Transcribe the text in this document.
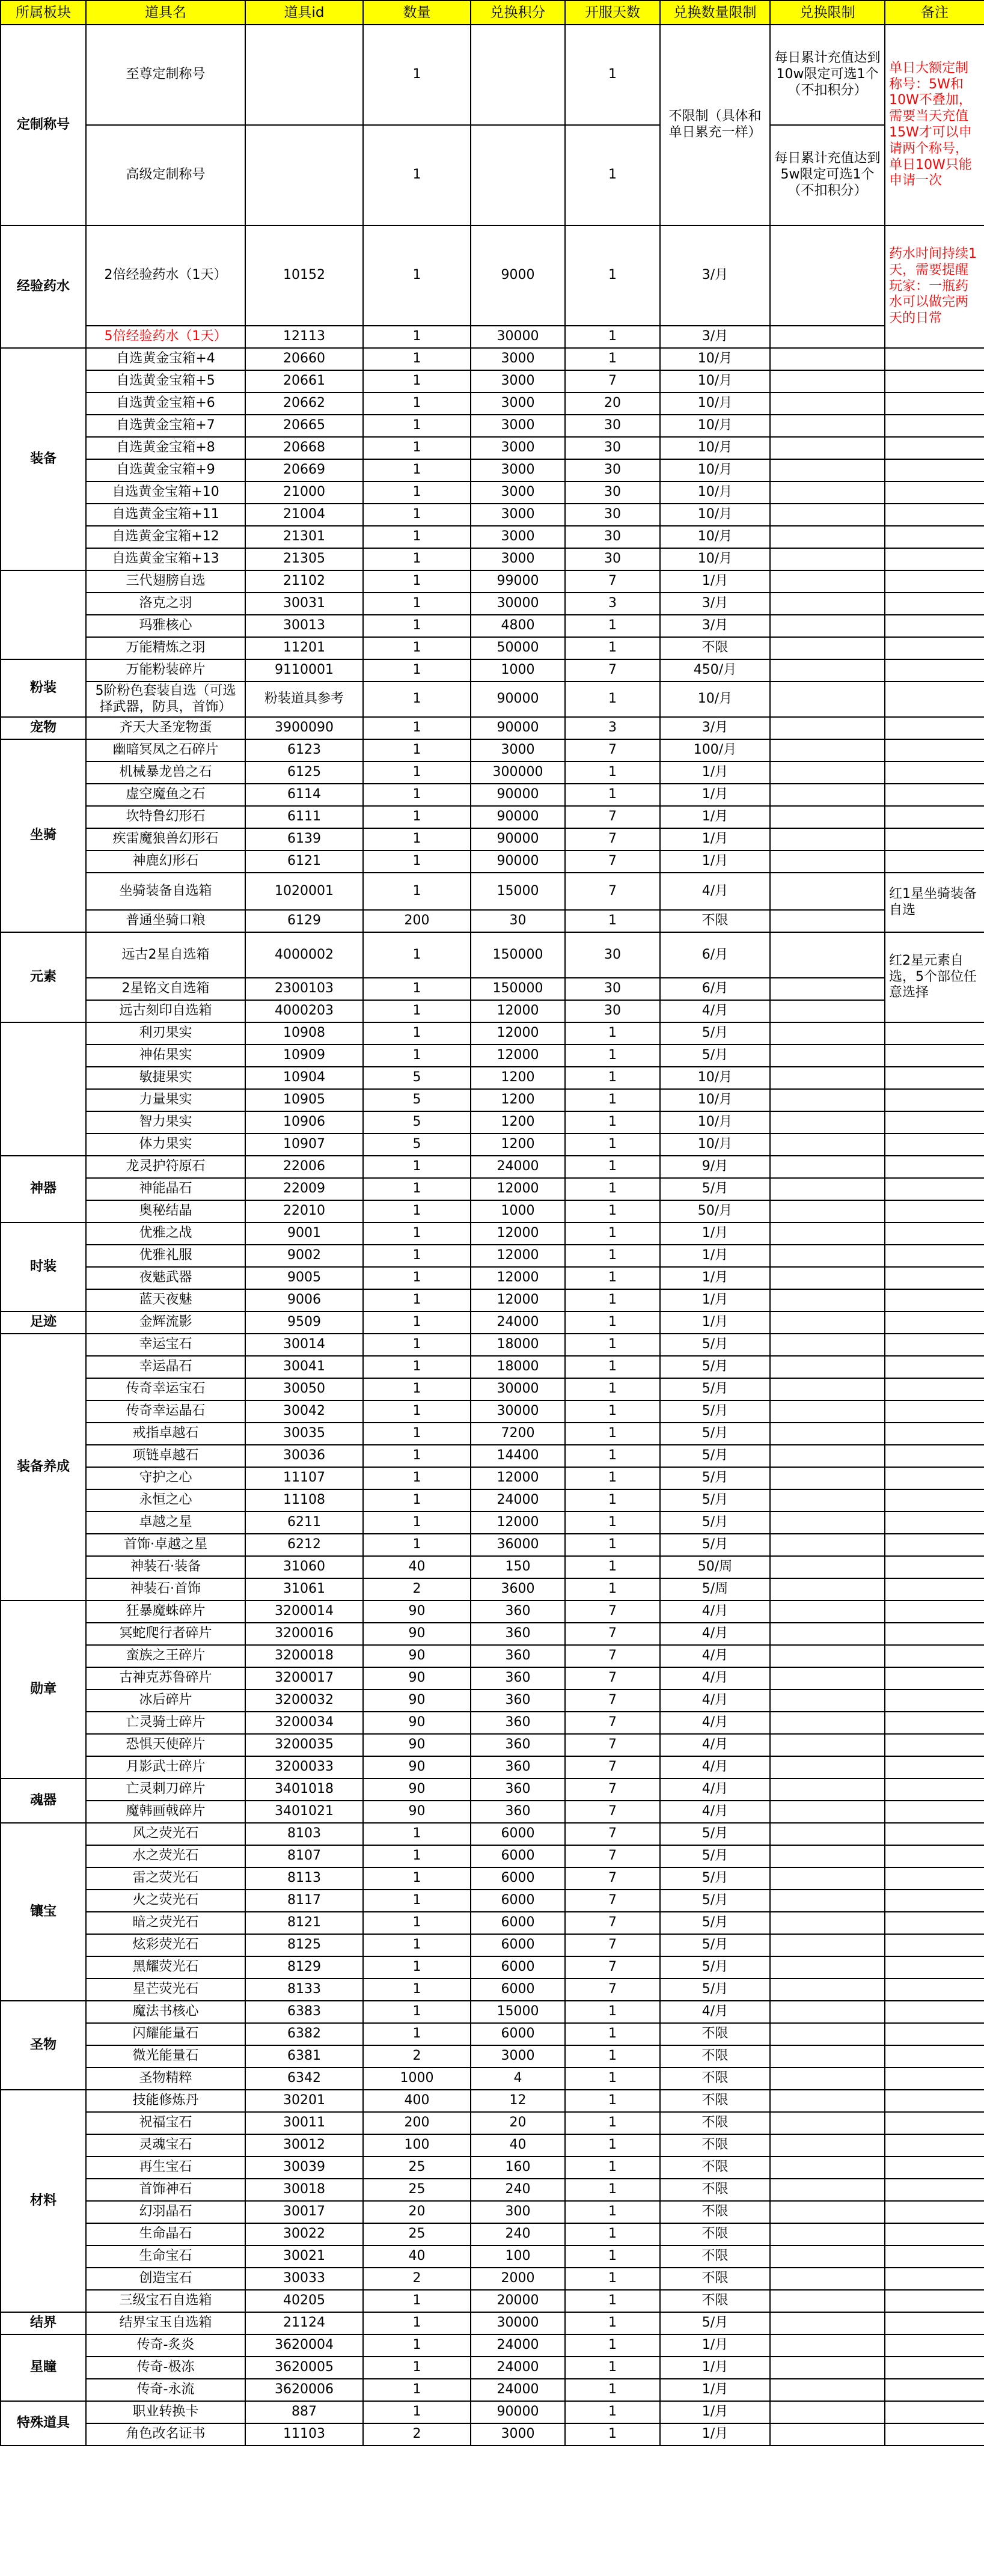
所属板块	道具名	道具id	数量	兑换积分	开服天数	兑换数量限制	兑换限制	备注
定制称号	至尊定制称号		1		1	不限制（具体和单日累充一样）	每日累计充值达到10w限定可选1个（不扣积分）	单日大额定制称号：5W和10W不叠加，需要当天充值15W才可以申请两个称号，单日10W只能申请一次
	高级定制称号		1		1		每日累计充值达到5w限定可选1个（不扣积分）	
经验药水	2倍经验药水（1天）	10152	1	9000	1	3/月		药水时间持续1天，需要提醒玩家：一瓶药水可以做完两天的日常
	5倍经验药水（1天）	12113	1	30000	1	3/月		
装备	自选黄金宝箱+4	20660	1	3000	1	10/月		
	自选黄金宝箱+5	20661	1	3000	7	10/月		
	自选黄金宝箱+6	20662	1	3000	20	10/月		
	自选黄金宝箱+7	20665	1	3000	30	10/月		
	自选黄金宝箱+8	20668	1	3000	30	10/月		
	自选黄金宝箱+9	20669	1	3000	30	10/月		
	自选黄金宝箱+10	21000	1	3000	30	10/月		
	自选黄金宝箱+11	21004	1	3000	30	10/月		
	自选黄金宝箱+12	21301	1	3000	30	10/月		
	自选黄金宝箱+13	21305	1	3000	30	10/月		
	三代翅膀自选	21102	1	99000	7	1/月		
	洛克之羽	30031	1	30000	3	3/月		
	玛雅核心	30013	1	4800	1	3/月		
	万能精炼之羽	11201	1	50000	1	不限		
粉装	万能粉装碎片	9110001	1	1000	7	450/月		
	5阶粉色套装自选（可选择武器，防具，首饰）	粉装道具参考	1	90000	1	10/月		
宠物	齐天大圣宠物蛋	3900090	1	90000	3	3/月		
坐骑	幽暗冥凤之石碎片	6123	1	3000	7	100/月		
	机械暴龙兽之石	6125	1	300000	1	1/月		
	虚空魔鱼之石	6114	1	90000	1	1/月		
	坎特鲁幻形石	6111	1	90000	7	1/月		
	疾雷魔狼兽幻形石	6139	1	90000	7	1/月		
	神鹿幻形石	6121	1	90000	7	1/月		
	坐骑装备自选箱	1020001	1	15000	7	4/月		红1星坐骑装备自选
	普通坐骑口粮	6129	200	30	1	不限		
元素	远古2星自选箱	4000002	1	150000	30	6/月		红2星元素自选，5个部位任意选择
	2星铭文自选箱	2300103	1	150000	30	6/月		
	远古刻印自选箱	4000203	1	12000	30	4/月		
	利刃果实	10908	1	12000	1	5/月		
	神佑果实	10909	1	12000	1	5/月		
	敏捷果实	10904	5	1200	1	10/月		
	力量果实	10905	5	1200	1	10/月		
	智力果实	10906	5	1200	1	10/月		
	体力果实	10907	5	1200	1	10/月		
神器	龙灵护符原石	22006	1	24000	1	9/月		
	神能晶石	22009	1	12000	1	5/月		
	奥秘结晶	22010	1	1000	1	50/月		
时装	优雅之战	9001	1	12000	1	1/月		
	优雅礼服	9002	1	12000	1	1/月		
	夜魅武器	9005	1	12000	1	1/月		
	蓝天夜魅	9006	1	12000	1	1/月		
足迹	金辉流影	9509	1	24000	1	1/月		
装备养成	幸运宝石	30014	1	18000	1	5/月		
	幸运晶石	30041	1	18000	1	5/月		
	传奇幸运宝石	30050	1	30000	1	5/月		
	传奇幸运晶石	30042	1	30000	1	5/月		
	戒指卓越石	30035	1	7200	1	5/月		
	项链卓越石	30036	1	14400	1	5/月		
	守护之心	11107	1	12000	1	5/月		
	永恒之心	11108	1	24000	1	5/月		
	卓越之星	6211	1	12000	1	5/月		
	首饰·卓越之星	6212	1	36000	1	5/月		
	神装石·装备	31060	40	150	1	50/周		
	神装石·首饰	31061	2	3600	1	5/周		
勋章	狂暴魔蛛碎片	3200014	90	360	7	4/月		
	冥蛇爬行者碎片	3200016	90	360	7	4/月		
	蛮族之王碎片	3200018	90	360	7	4/月		
	古神克苏鲁碎片	3200017	90	360	7	4/月		
	冰后碎片	3200032	90	360	7	4/月		
	亡灵骑士碎片	3200034	90	360	7	4/月		
	恐惧天使碎片	3200035	90	360	7	4/月		
	月影武士碎片	3200033	90	360	7	4/月		
魂器	亡灵刺刀碎片	3401018	90	360	7	4/月		
	魔韩画戟碎片	3401021	90	360	7	4/月		
镶宝	风之荧光石	8103	1	6000	7	5/月		
	水之荧光石	8107	1	6000	7	5/月		
	雷之荧光石	8113	1	6000	7	5/月		
	火之荧光石	8117	1	6000	7	5/月		
	暗之荧光石	8121	1	6000	7	5/月		
	炫彩荧光石	8125	1	6000	7	5/月		
	黑耀荧光石	8129	1	6000	7	5/月		
	星芒荧光石	8133	1	6000	7	5/月		
圣物	魔法书核心	6383	1	15000	1	4/月		
	闪耀能量石	6382	1	6000	1	不限		
	微光能量石	6381	2	3000	1	不限		
	圣物精粹	6342	1000	4	1	不限		
材料	技能修炼丹	30201	400	12	1	不限		
	祝福宝石	30011	200	20	1	不限		
	灵魂宝石	30012	100	40	1	不限		
	再生宝石	30039	25	160	1	不限		
	首饰神石	30018	25	240	1	不限		
	幻羽晶石	30017	20	300	1	不限		
	生命晶石	30022	25	240	1	不限		
	生命宝石	30021	40	100	1	不限		
	创造宝石	30033	2	2000	1	不限		
	三级宝石自选箱	40205	1	20000	1	不限		
结界	结界宝玉自选箱	21124	1	30000	1	5/月		
星瞳	传奇-炙炎	3620004	1	24000	1	1/月		
	传奇-极冻	3620005	1	24000	1	1/月		
	传奇-永流	3620006	1	24000	1	1/月		
特殊道具	职业转换卡	887	1	90000	1	1/月		
	角色改名证书	11103	2	3000	1	1/月		
